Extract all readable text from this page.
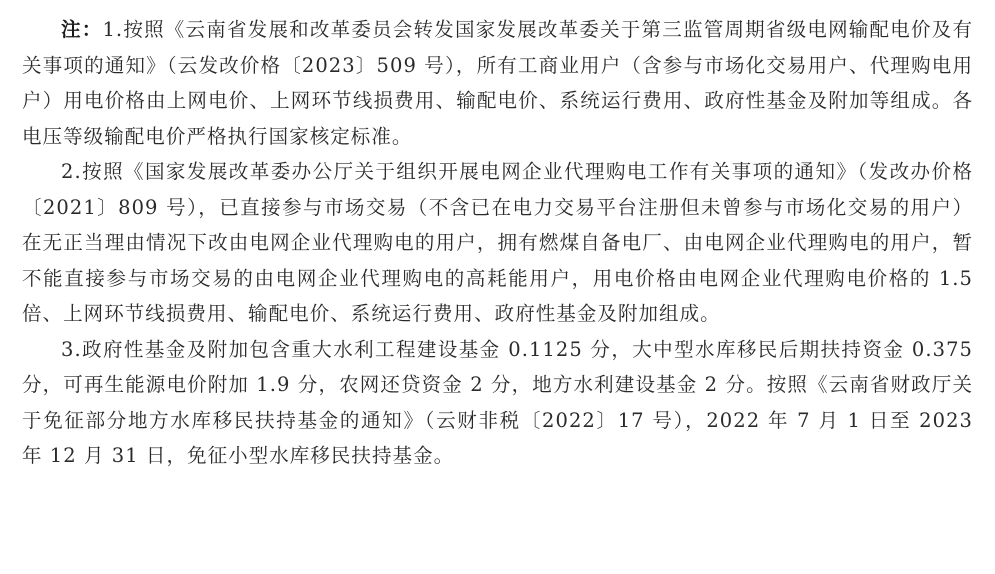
注：1.按照《云南省发展和改革委员会转发国家发展改革委关于第三监管周期省级电网输配电价及有关事项的通知》（云发改价格〔2023〕509 号），所有工商业用户（含参与市场化交易用户、代理购电用户）用电价格由上网电价、上网环节线损费用、输配电价、系统运行费用、政府性基金及附加等组成。各电压等级输配电价严格执行国家核定标准。

2.按照《国家发展改革委办公厅关于组织开展电网企业代理购电工作有关事项的通知》（发改办价格〔2021〕809 号），已直接参与市场交易（不含已在电力交易平台注册但未曾参与市场化交易的用户）在无正当理由情况下改由电网企业代理购电的用户，拥有燃煤自备电厂、由电网企业代理购电的用户，暂不能直接参与市场交易的由电网企业代理购电的高耗能用户，用电价格由电网企业代理购电价格的 1.5 倍、上网环节线损费用、输配电价、系统运行费用、政府性基金及附加组成。

3.政府性基金及附加包含重大水利工程建设基金 0.1125 分，大中型水库移民后期扶持资金 0.375 分，可再生能源电价附加 1.9 分，农网还贷资金 2 分，地方水利建设基金 2 分。按照《云南省财政厅关于免征部分地方水库移民扶持基金的通知》（云财非税〔2022〕17 号），2022 年 7 月 1 日至 2023 年 12 月 31 日，免征小型水库移民扶持基金。
